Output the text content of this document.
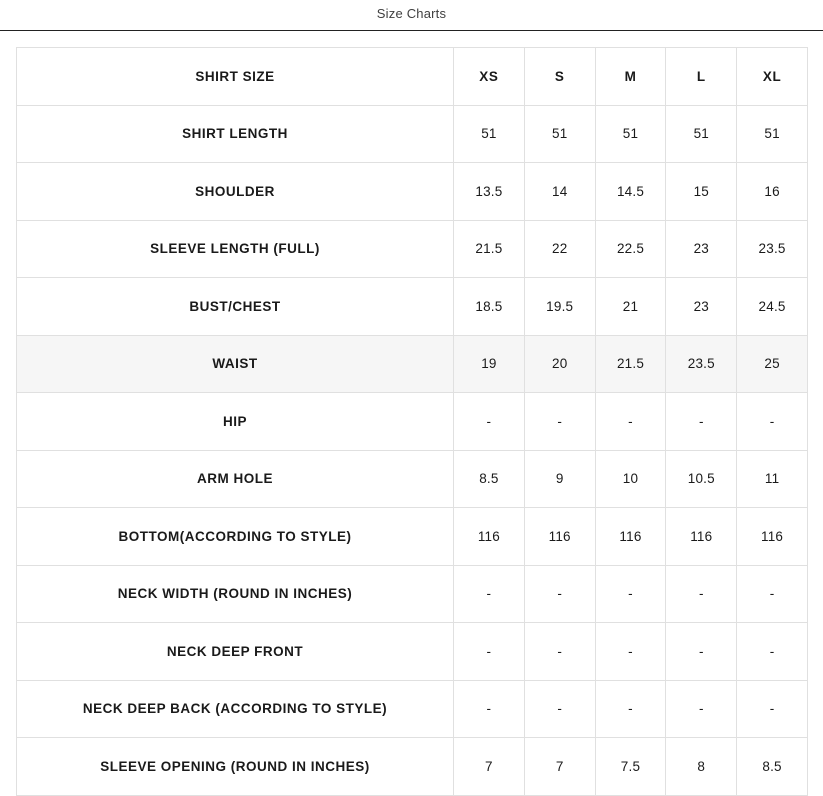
Size Charts
SHIRT SIZE	XS	S	M	L	XL
SHIRT LENGTH	51	51	51	51	51
SHOULDER	13.5	14	14.5	15	16
SLEEVE LENGTH (FULL)	21.5	22	22.5	23	23.5
BUST/CHEST	18.5	19.5	21	23	24.5
WAIST	19	20	21.5	23.5	25
HIP	-	-	-	-	-
ARM HOLE	8.5	9	10	10.5	11
BOTTOM(ACCORDING TO STYLE)	116	116	116	116	116
NECK WIDTH (ROUND IN INCHES)	-	-	-	-	-
NECK DEEP FRONT	-	-	-	-	-
NECK DEEP BACK (ACCORDING TO STYLE)	-	-	-	-	-
SLEEVE OPENING (ROUND IN INCHES)	7	7	7.5	8	8.5
